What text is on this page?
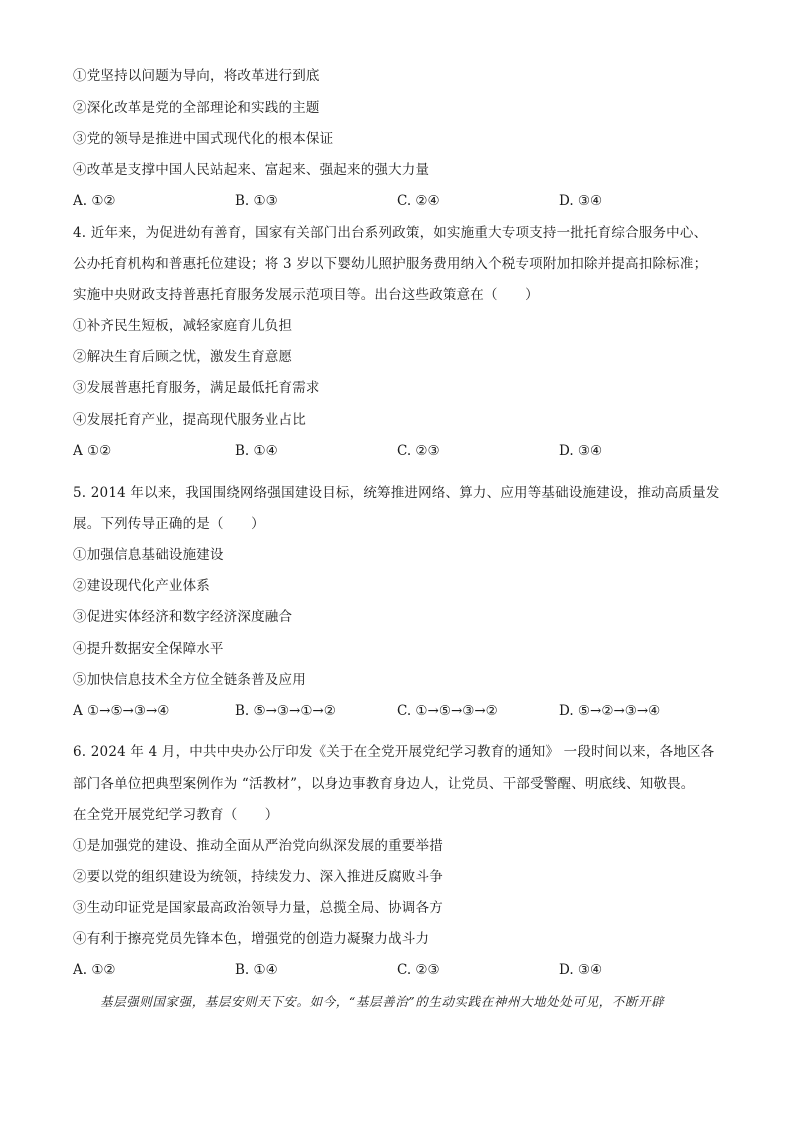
①党坚持以问题为导向，将改革进行到底
②深化改革是党的全部理论和实践的主题
③党的领导是推进中国式现代化的根本保证
④改革是支撑中国人民站起来、富起来、强起来的强大力量
A. ①②	B. ①③	C. ②④	D. ③④
4. 近年来，为促进幼有善育，国家有关部门出台系列政策，如实施重大专项支持一批托育综合服务中心、
公办托育机构和普惠托位建设；将 3 岁以下婴幼儿照护服务费用纳入个税专项附加扣除并提高扣除标准；
实施中央财政支持普惠托育服务发展示范项目等。出台这些政策意在（　　）
①补齐民生短板，减轻家庭育儿负担
②解决生育后顾之忧，激发生育意愿
③发展普惠托育服务，满足最低托育需求
④发展托育产业，提高现代服务业占比
A ①②	B. ①④	C. ②③	D. ③④
5. 2014 年以来，我国围绕网络强国建设目标，统筹推进网络、算力、应用等基础设施建设，推动高质量发
展。下列传导正确的是（　　）
①加强信息基础设施建设
②建设现代化产业体系
③促进实体经济和数字经济深度融合
④提升数据安全保障水平
⑤加快信息技术全方位全链条普及应用
A ①→⑤→③→④	B. ⑤→③→①→②	C. ①→⑤→③→②	D. ⑤→②→③→④
6. 2024 年 4 月，中共中央办公厅印发《关于在全党开展党纪学习教育的通知》 一段时间以来，各地区各
部门各单位把典型案例作为 “活教材”，以身边事教育身边人，让党员、干部受警醒、明底线、知敬畏。
在全党开展党纪学习教育（　　）
①是加强党的建设、推动全面从严治党向纵深发展的重要举措
②要以党的组织建设为统领，持续发力、深入推进反腐败斗争
③生动印证党是国家最高政治领导力量，总揽全局、协调各方
④有利于擦亮党员先锋本色，增强党的创造力凝聚力战斗力
A. ①②	B. ①④	C. ②③	D. ③④
基层强则国家强，基层安则天下安。如今，“基层善治”的生动实践在神州大地处处可见，不断开辟
